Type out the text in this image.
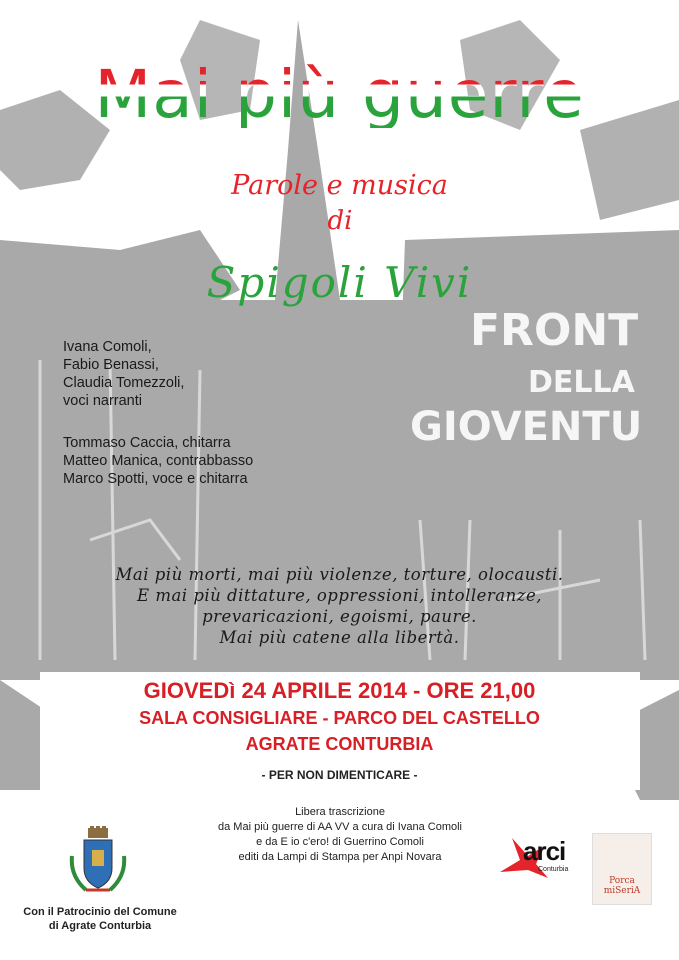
FRONT
DELLA
GIOVENTU
Mai più guerre
Parole e musica
di
Spigoli Vivi
Ivana Comoli,
Fabio Benassi,
Claudia Tomezzoli,
voci narranti
Tommaso Caccia, chitarra
Matteo Manica, contrabbasso
Marco Spotti, voce e chitarra
Mai più morti, mai più violenze, torture, olocausti.
E mai più dittature, oppressioni, intolleranze,
prevaricazioni, egoismi, paure.
Mai più catene alla libertà.
GIOVEDì 24 APRILE 2014 - ORE 21,00
SALA CONSIGLIARE - PARCO DEL CASTELLO
AGRATE CONTURBIA
- PER NON DIMENTICARE -
Libera trascrizione
da Mai più guerre di AA VV a cura di Ivana Comoli
e da E io c'ero! di Guerrino Comoli
editi da Lampi di Stampa per Anpi Novara
Con il Patrocinio del Comune
di Agrate Conturbia
arci
Conturbia
Porca
miSeriA
